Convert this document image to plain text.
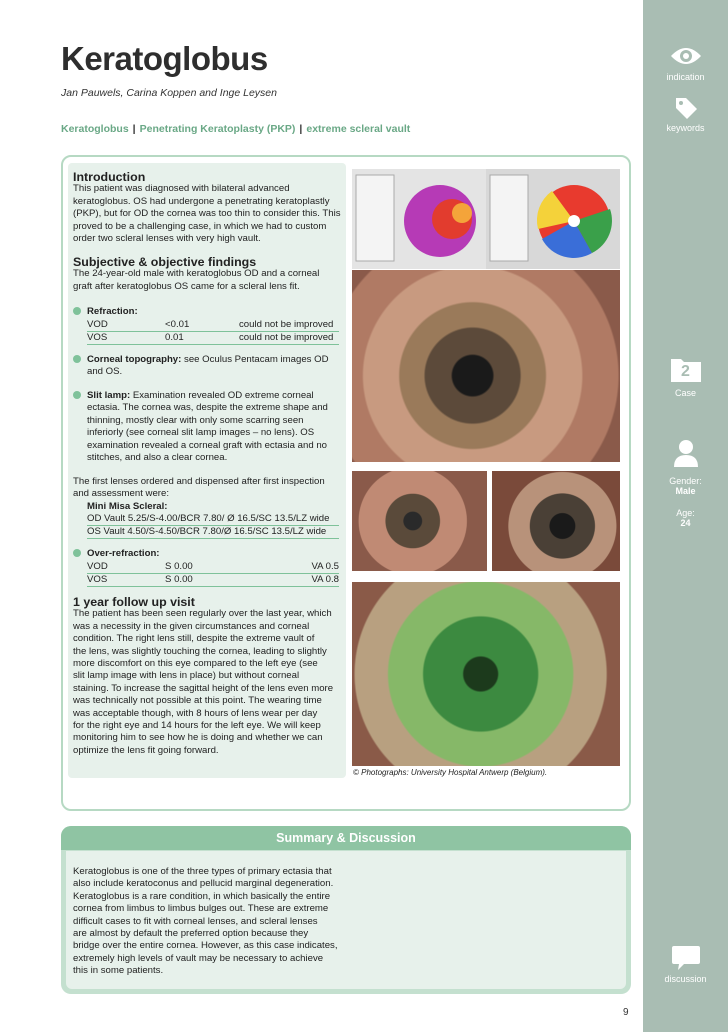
indication
keywords
2
Case
Gender:
Male
Age:
24
discussion
Keratoglobus
Jan Pauwels, Carina Koppen and Inge Leysen
Keratoglobus | Penetrating Keratoplasty (PKP) | extreme scleral vault
Introduction
This patient was diagnosed with bilateral advanced
keratoglobus. OS had undergone a penetrating keratoplastly
(PKP), but for OD the cornea was too thin to consider this. This
proved to be a challenging case, in which we had to custom
order two scleral lenses with very high vault.
Subjective & objective findings
The 24-year-old male with keratoglobus OD and a corneal
graft after keratoglobus OS came for a scleral lens fit.
Refraction:
VOD	<0.01	could not be improved

VOS	0.01	could not be improved

Corneal topography: see Oculus Pentacam images OD
and OS.
Slit lamp: Examination revealed OD extreme corneal
ectasia. The cornea was, despite the extreme shape and
thinning, mostly clear with only some scarring seen
inferiorly (see corneal slit lamp images – no lens). OS
examination revealed a corneal graft with ectasia and no
stitches, and also a clear cornea.
The first lenses ordered and dispensed after first inspection
and assessment were:
Mini Misa Scleral:
OD Vault 5.25/S-4.00/BCR 7.80/ Ø 16.5/SC 13.5/LZ wide
OS Vault 4.50/S-4.50/BCR 7.80/Ø 16.5/SC 13.5/LZ wide
Over-refraction:
VOD	S 0.00	VA 0.5

VOS	S 0.00	VA 0.8

1 year follow up visit
The patient has been seen regularly over the last year, which
was a necessity in the given circumstances and corneal
condition. The right lens still, despite the extreme vault of
the lens, was slightly touching the cornea, leading to slightly
more discomfort on this eye compared to the left eye (see
slit lamp image with lens in place) but without corneal
staining. To increase the sagittal height of the lens even more
was technically not possible at this point. The wearing time
was acceptable though, with 8 hours of lens wear per day
for the right eye and 14 hours for the left eye. We will keep
monitoring him to see how he is doing and whether we can
optimize the lens fit going forward.
© Photographs: University Hospital Antwerp (Belgium).
Summary & Discussion
Keratoglobus is one of the three types of primary ectasia that
also include keratoconus and pellucid marginal degeneration.
Keratoglobus is a rare condition, in which basically the entire
cornea from limbus to limbus bulges out. These are extreme
difficult cases to fit with corneal lenses, and scleral lenses
are almost by default the preferred option because they
bridge over the entire cornea. However, as this case indicates,
extremely high levels of vault may be necessary to achieve
this in some patients.
9
